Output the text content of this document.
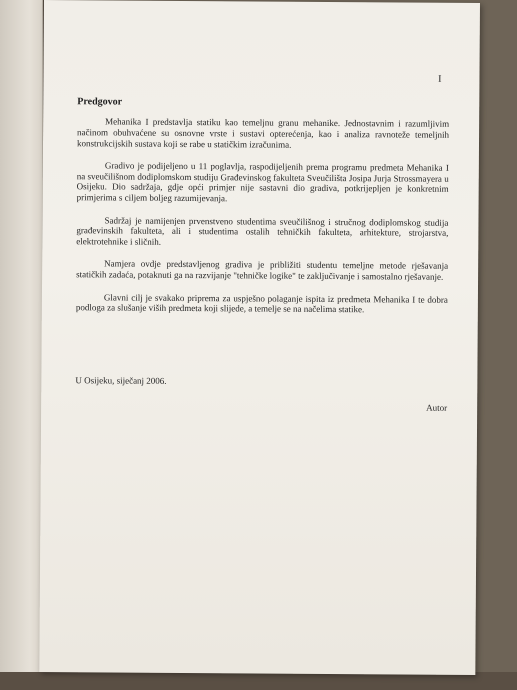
I
Predgovor

Mehanika I predstavlja statiku kao temeljnu granu mehanike. Jednostavnim i razumljivim načinom obuhvaćene su osnovne vrste i sustavi opterećenja, kao i analiza ravnoteže temeljnih konstrukcijskih sustava koji se rabe u statičkim izračunima.

Gradivo je podijeljeno u 11 poglavlja, raspodijeljenih prema programu predmeta Mehanika I na sveučilišnom dodiplomskom studiju Građevinskog fakulteta Sveučilišta Josipa Jurja Strossmayera u Osijeku. Dio sadržaja, gdje opći primjer nije sastavni dio gradiva, potkrijepljen je konkretnim primjerima s ciljem boljeg razumijevanja.

Sadržaj je namijenjen prvenstveno studentima sveučilišnog i stručnog dodiplomskog studija građevinskih fakulteta, ali i studentima ostalih tehničkih fakulteta, arhitekture, strojarstva, elektrotehnike i sličnih.

Namjera ovdje predstavljenog gradiva je približiti studentu temeljne metode rješavanja statičkih zadaća, potaknuti ga na razvijanje "tehničke logike" te zaključivanje i samostalno rješavanje.

Glavni cilj je svakako priprema za uspješno polaganje ispita iz predmeta Mehanika I te dobra podloga za slušanje viših predmeta koji slijede, a temelje se na načelima statike.

U Osijeku, siječanj 2006.
Autor
